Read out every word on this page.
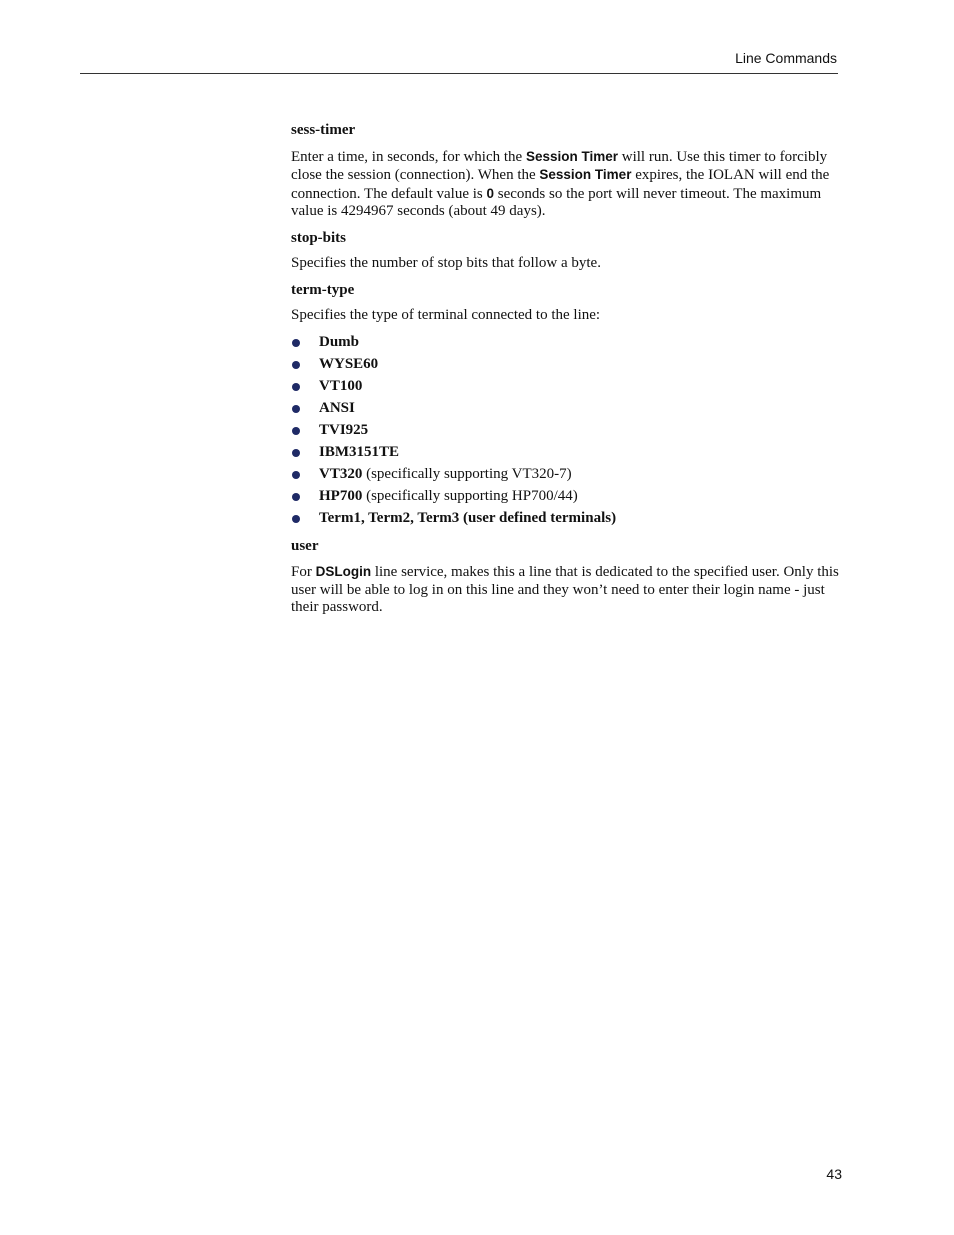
Line Commands
sess-timer

Enter a time, in seconds, for which the Session Timer will run. Use this timer to forcibly close the session (connection). When the Session Timer expires, the IOLAN will end the connection. The default value is 0 seconds so the port will never timeout. The maximum value is 4294967 seconds (about 49 days).

stop-bits

Specifies the number of stop bits that follow a byte.

term-type

Specifies the type of terminal connected to the line:

Dumb
WYSE60
VT100
ANSI
TVI925
IBM3151TE
VT320 (specifically supporting VT320-7)
HP700 (specifically supporting HP700/44)
Term1, Term2, Term3 (user defined terminals)
user

For DSLogin line service, makes this a line that is dedicated to the specified user. Only this user will be able to log in on this line and they won’t need to enter their login name - just their password.

43
